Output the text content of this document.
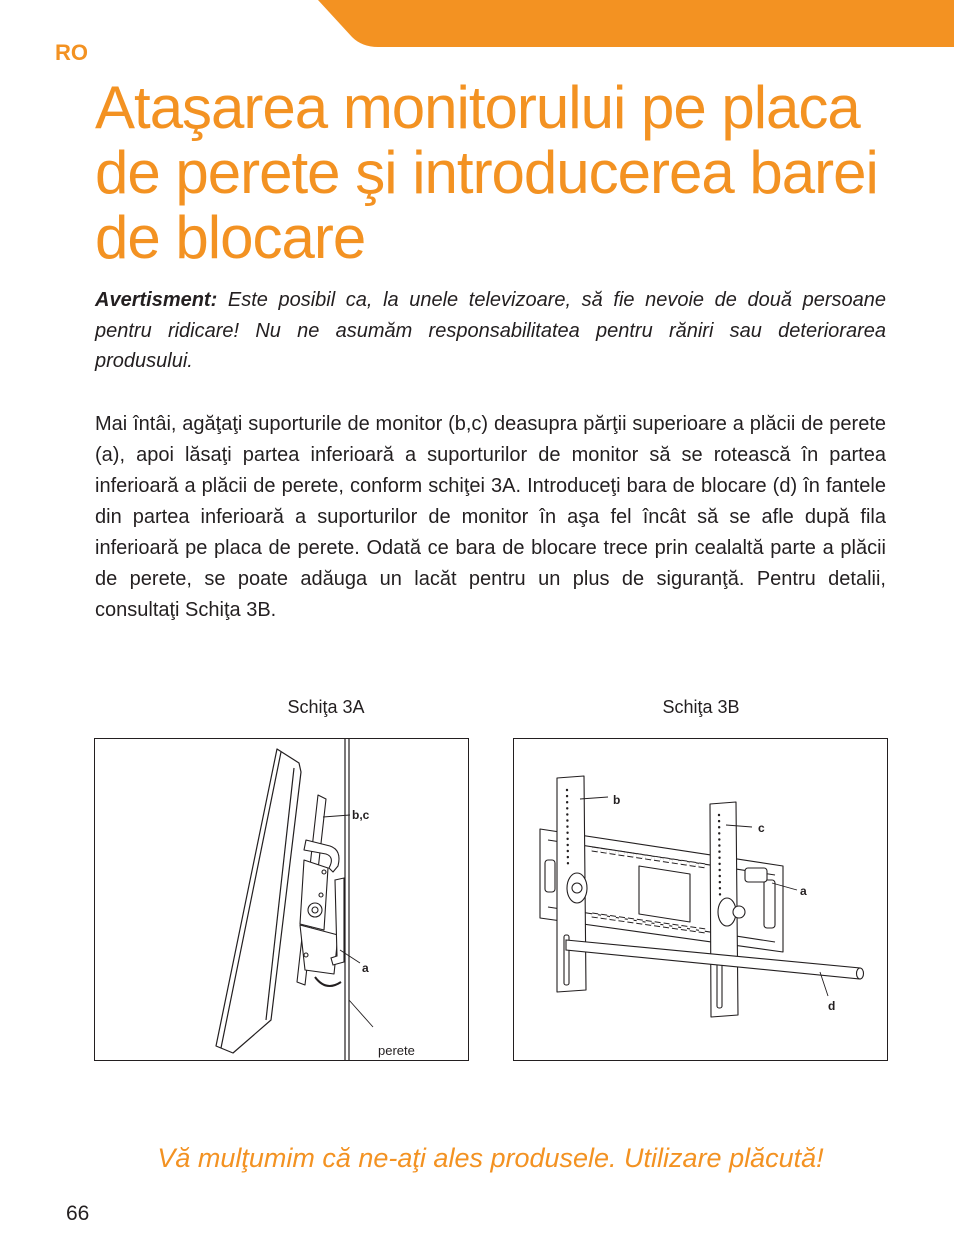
RO
Ataşarea monitorului pe placa
de perete şi introducerea barei
de blocare

Avertisment: Este posibil ca, la unele televizoare, să fie nevoie de două persoane pentru ridicare! Nu ne asumăm responsabilitatea pentru răniri sau deteriorarea produsului.

Mai întâi, agăţaţi suporturile de monitor (b,c) deasupra părţii superioare a plăcii de perete (a), apoi lăsaţi partea inferioară a suporturilor de monitor să se rotească în partea inferioară a plăcii de perete, conform schiţei 3A. Introduceţi bara de blocare (d) în fantele din partea inferioară a suporturilor de monitor în aşa fel încât să se afle după fila inferioară pe placa de perete. Odată ce bara de blocare trece prin cealaltă parte a plăcii de perete, se poate adăuga un lacăt pentru un plus de siguranţă. Pentru detalii, consultaţi Schiţa 3B.

Schiţa 3A	Schiţa 3B
b,c
a
perete
b
c
a
d
Vă mulţumim că ne-aţi ales produsele. Utilizare plăcută!
66
